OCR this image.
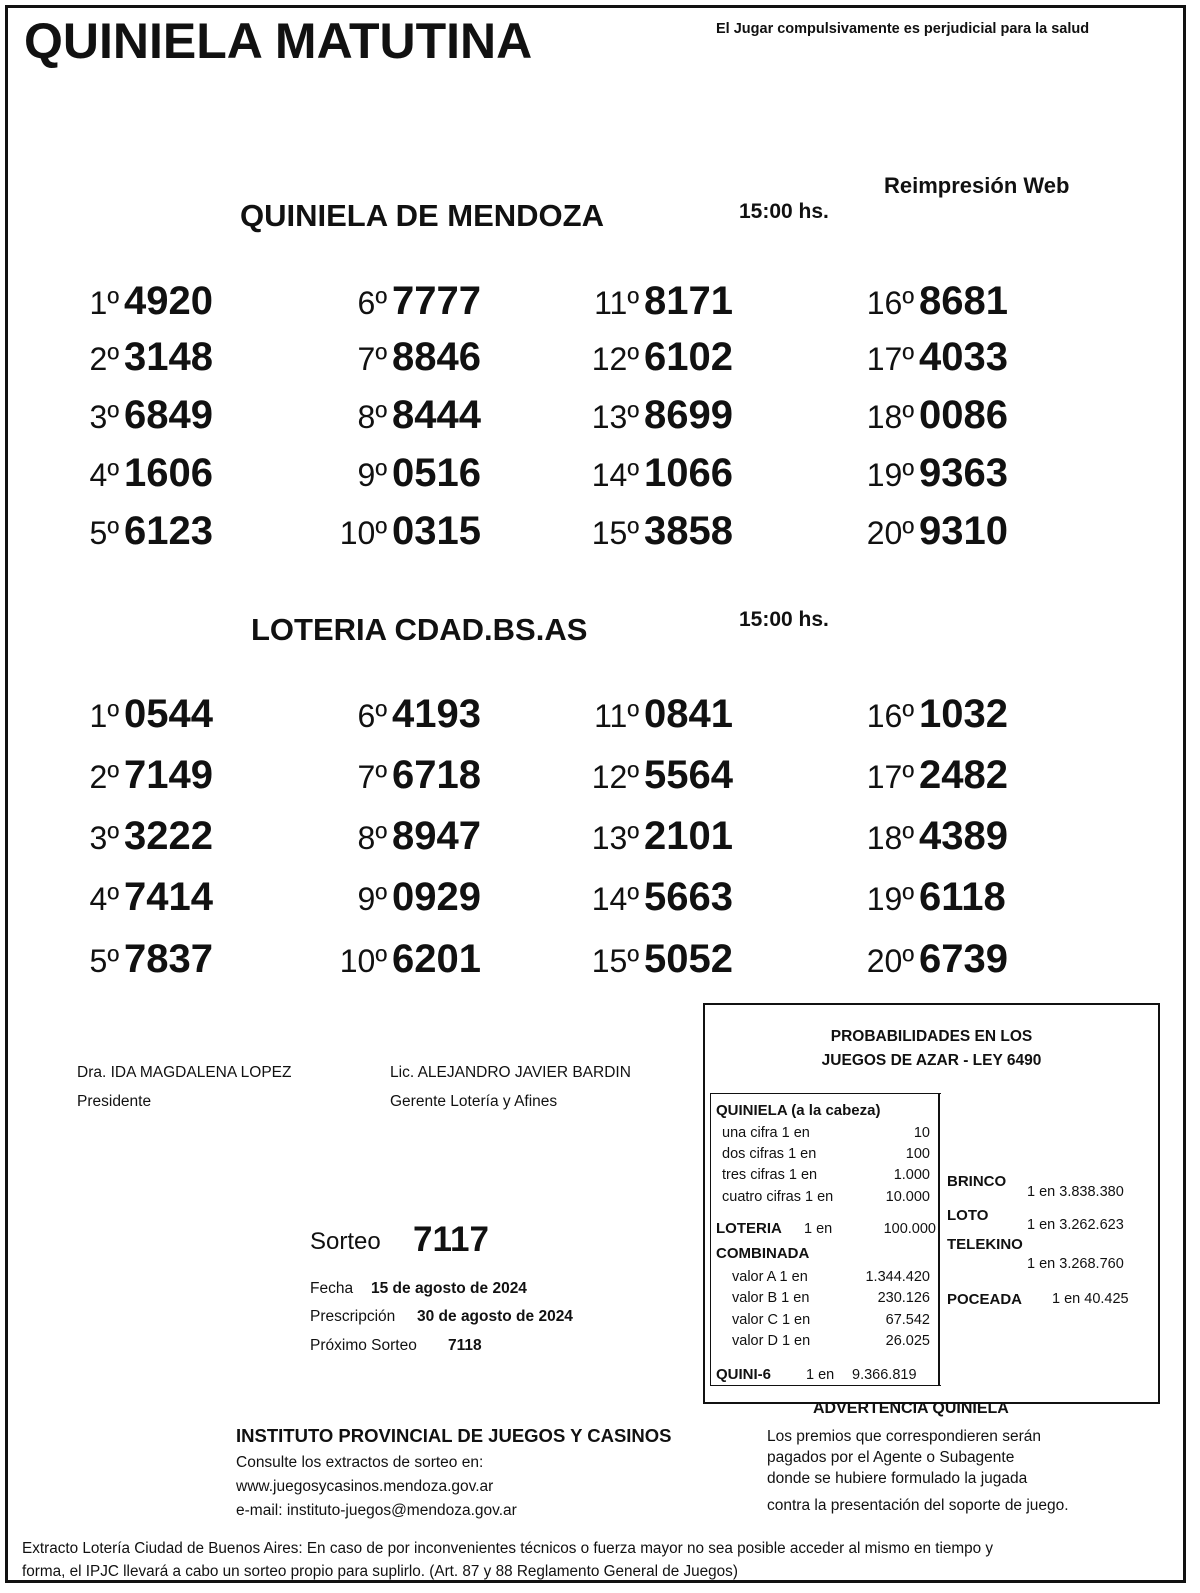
QUINIELA MATUTINA	El Jugar compulsivamente es perjudicial para la salud
Reimpresión Web
QUINIELA DE MENDOZA	15:00 hs.
1º 4920
2º 3148
3º 6849
4º 1606
5º 6123
6º 7777
7º 8846
8º 8444
9º 0516
10º 0315
11º 8171
12º 6102
13º 8699
14º 1066
15º 3858
16º 8681
17º 4033
18º 0086
19º 9363
20º 9310
LOTERIA CDAD.BS.AS	15:00 hs.
1º 0544
2º 7149
3º 3222
4º 7414
5º 7837
6º 4193
7º 6718
8º 8947
9º 0929
10º 6201
11º 0841
12º 5564
13º 2101
14º 5663
15º 5052
16º 1032
17º 2482
18º 4389
19º 6118
20º 6739
Dra. IDA MAGDALENA LOPEZ
Presidente
Lic. ALEJANDRO JAVIER BARDIN
Gerente Lotería y Afines
Sorteo 7117
Fecha 15 de agosto de 2024
Prescripción 30 de agosto de 2024
Próximo Sorteo 7118
PROBABILIDADES EN LOS
JUEGOS DE AZAR - LEY 6490
QUINIELA (a la cabeza)
una cifra 1 en	10
dos cifras 1 en	100
tres cifras 1 en	1.000
cuatro cifras 1 en	10.000
LOTERIA 1 en	100.000
COMBINADA
valor A 1 en	1.344.420
valor B 1 en	230.126
valor C 1 en	67.542
valor D 1 en	26.025
QUINI-6 1 en 9.366.819
BRINCO
1 en 3.838.380
LOTO
1 en 3.262.623
TELEKINO
1 en 3.268.760
POCEADA 1 en 40.425
ADVERTENCIA QUINIELA
Los premios que correspondieren serán
pagados por el Agente o Subagente
donde se hubiere formulado la jugada
contra la presentación del soporte de juego.
INSTITUTO PROVINCIAL DE JUEGOS Y CASINOS
Consulte los extractos de sorteo en:
www.juegosycasinos.mendoza.gov.ar
e-mail: instituto-juegos@mendoza.gov.ar
Extracto Lotería Ciudad de Buenos Aires: En caso de por inconvenientes técnicos o fuerza mayor no sea posible acceder al mismo en tiempo y
forma, el IPJC llevará a cabo un sorteo propio para suplirlo. (Art. 87 y 88 Reglamento General de Juegos)
